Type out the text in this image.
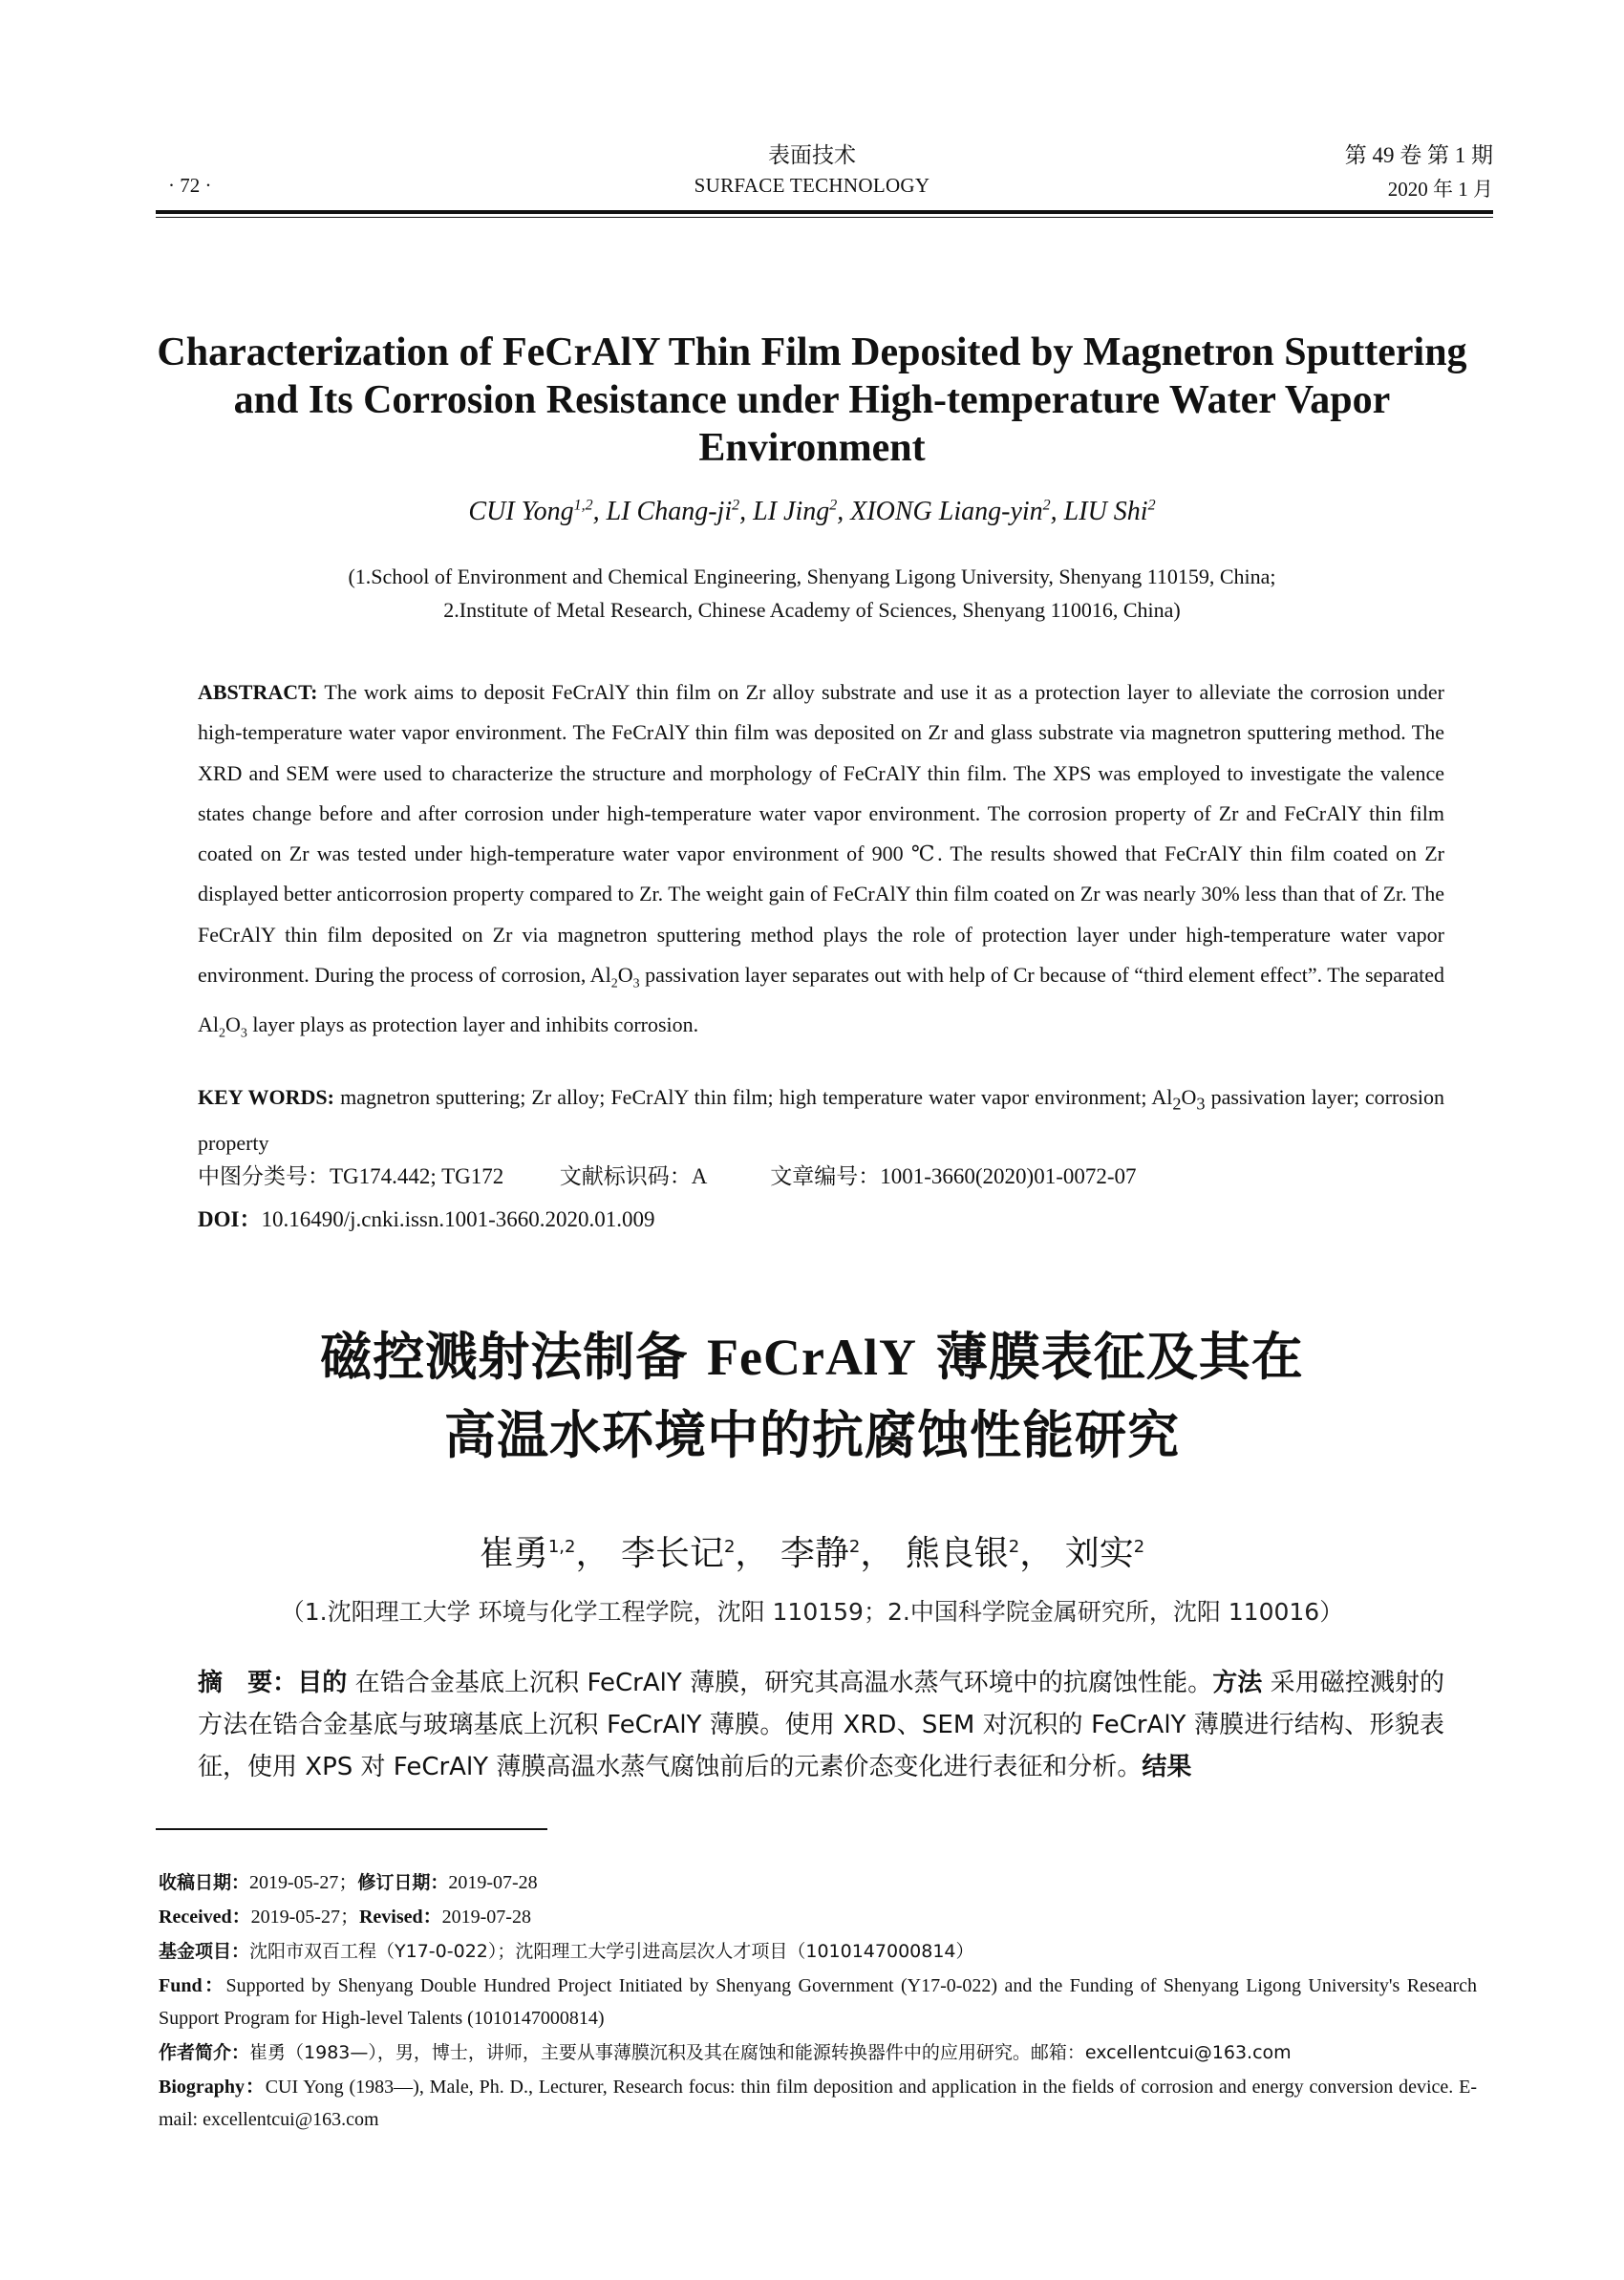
· 72 ·
表面技术
SURFACE TECHNOLOGY
第 49 卷 第 1 期
2020 年 1 月
Characterization of FeCrAlY Thin Film Deposited by Magnetron Sputtering and Its Corrosion Resistance under High-temperature Water Vapor Environment
CUI Yong$^{1,2}$, LI Chang-$ji^2$, LI Jing$^2$, XIONG Liang-yin$^2$, LIU Shi$^2$
(1.School of Environment and Chemical Engineering, Shenyang Ligong University, Shenyang 110159, China;
2.Institute of Metal Research, Chinese Academy of Sciences, Shenyang 110016, China)
ABSTRACT: The work aims to deposit FeCrAlY thin film on Zr alloy substrate and use it as a protection layer to alleviate the corrosion under high-temperature water vapor environment. The FeCrAlY thin film was deposited on Zr and glass substrate via magnetron sputtering method. The XRD and SEM were used to characterize the structure and morphology of FeCrAlY thin film. The XPS was employed to investigate the valence states change before and after corrosion under high-temperature water vapor environment. The corrosion property of Zr and FeCrAlY thin film coated on Zr was tested under high-temperature water vapor environment of 900 ℃. The results showed that FeCrAlY thin film coated on Zr displayed better anticorrosion property compared to Zr. The weight gain of FeCrAlY thin film coated on Zr was nearly 30% less than that of Zr. The FeCrAlY thin film deposited on Zr via magnetron sputtering method plays the role of protection layer under high-temperature water vapor environment. During the process of corrosion, $Al_2O_3$ passivation layer separates out with help of Cr because of “third element effect”. The separated $Al_2O_3$ layer plays as protection layer and inhibits corrosion.
KEY WORDS: magnetron sputtering; Zr alloy; FeCrAlY thin film; high temperature water vapor environment; $Al_2O_3$ passivation layer; corrosion property
中图分类号：TG174.442; TG172	文献标识码：A	文章编号：1001-3660(2020)01-0072-07
DOI：10.16490/j.cnki.issn.1001-3660.2020.01.009
磁控溅射法制备 FeCrAlY 薄膜表征及其在
高温水环境中的抗腐蚀性能研究
崔勇$^{1,2}$， 李长记$^2$， 李静$^2$， 熊良银$^2$， 刘实$^2$
（1.沈阳理工大学 环境与化学工程学院，沈阳 110159；2.中国科学院金属研究所，沈阳 110016）
摘　要：目的 在锆合金基底上沉积 FeCrAlY 薄膜，研究其高温水蒸气环境中的抗腐蚀性能。方法 采用磁控溅射的方法在锆合金基底与玻璃基底上沉积 FeCrAlY 薄膜。使用 XRD、SEM 对沉积的 FeCrAlY 薄膜进行结构、形貌表征，使用 XPS 对 FeCrAlY 薄膜高温水蒸气腐蚀前后的元素价态变化进行表征和分析。结果
收稿日期：2019-05-27；修订日期：2019-07-28
Received：2019-05-27；Revised：2019-07-28
基金项目：沈阳市双百工程（Y17-0-022）；沈阳理工大学引进高层次人才项目（1010147000814）
Fund：Supported by Shenyang Double Hundred Project Initiated by Shenyang Government (Y17-0-022) and the Funding of Shenyang Ligong University's Research Support Program for High-level Talents (1010147000814)
作者简介：崔勇（1983—），男，博士，讲师，主要从事薄膜沉积及其在腐蚀和能源转换器件中的应用研究。邮箱：excellentcui@163.com
Biography：CUI Yong (1983—), Male, Ph. D., Lecturer, Research focus: thin film deposition and application in the fields of corrosion and energy conversion device. E-mail: excellentcui@163.com
